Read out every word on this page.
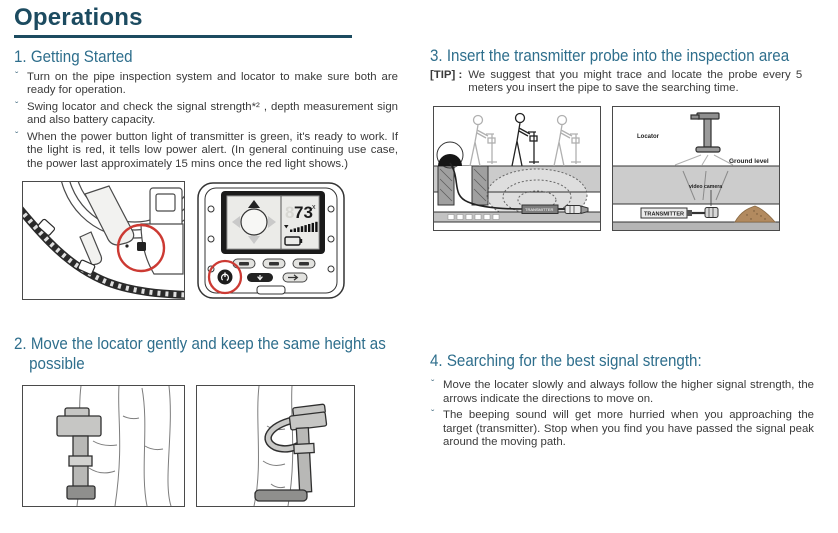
Operations
1. Getting Started
ˇ Turn on the pipe inspection system and locator to make sure both are ready for operation.
ˇ Swing locator and check the signal strength*² , depth measurement sign and also battery capacity.
ˇ When the power button light of transmitter is green, it's ready to work. If the light is red, it tells low power alert. (In general continuing use case, the power last approximately 15 mins once the red light shows.)
8 73 x
2. Move the locator gently and keep the same height as
possible
3. Insert the transmitter probe into the inspection area
[TIP] : We suggest that you might trace and locate the probe every 5 meters you insert the pipe to save the searching time.
TRANSMITTER
Locator
Ground level
TRANSMITTER
video camera
4. Searching for the best signal strength:
ˇ Move the locater slowly and always follow the higher signal strength, the arrows indicate the directions to move on.
ˇ The beeping sound will get more hurried when you approaching the target (transmitter). Stop when you find you have passed the signal peak around the moving path.
